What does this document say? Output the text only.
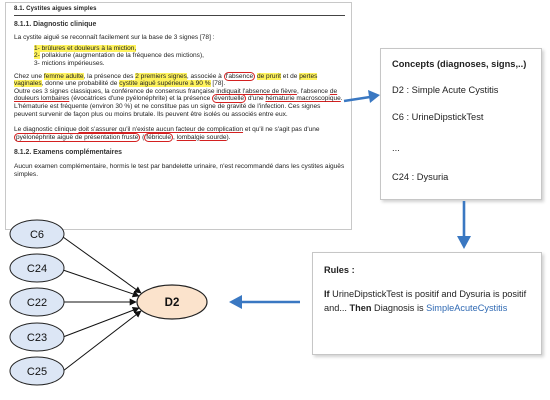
8.1. Cystites aigues simples

8.1.1. Diagnostic clinique

La cystite aiguë se reconnaît facilement sur la base de 3 signes [78] :

1- brûlures et douleurs à la miction,

2- pollakiurie (augmentation de la fréquence des mictions),

3- mictions impérieuses.

Chez une femme adulte, la présence des 2 premiers signes, associée à l'absence de prurit et de pertes vaginales, donne une probabilité de cystite aiguë supérieure à 90 % [78].
Outre ces 3 signes classiques, la conférence de consensus française indiquait l'absence de fièvre, l'absence de douleurs lombaires (évocatrices d'une pyélonéphrite) et la présence éventuelle d'une hématurie macroscopique. L'hématurie est fréquente (environ 30 %) et ne constitue pas un signe de gravité de l'infection. Ces signes peuvent survenir de façon plus ou moins brutale. Ils peuvent être isolés ou associés entre eux.

Le diagnostic clinique doit s'assurer qu'il n'existe aucun facteur de complication et qu'il ne s'agit pas d'une pyélonéphrite aiguë de présentation fruste ( fébricule , lombalgie sourde).

8.1.2. Examens complémentaires

Aucun examen complémentaire, hormis le test par bandelette urinaire, n'est recommandé dans les cystites aiguës simples.

Concepts (diagnoses, signs,..)
D2 : Simple Acute Cystitis
C6 : UrineDipstickTest
...
C24 : Dysuria
Rules :
If UrineDipstickTest is positif and Dysuria is positif and... Then Diagnosis is SimpleAcuteCystitis
C6
C24
C22
C23
C25
D2
